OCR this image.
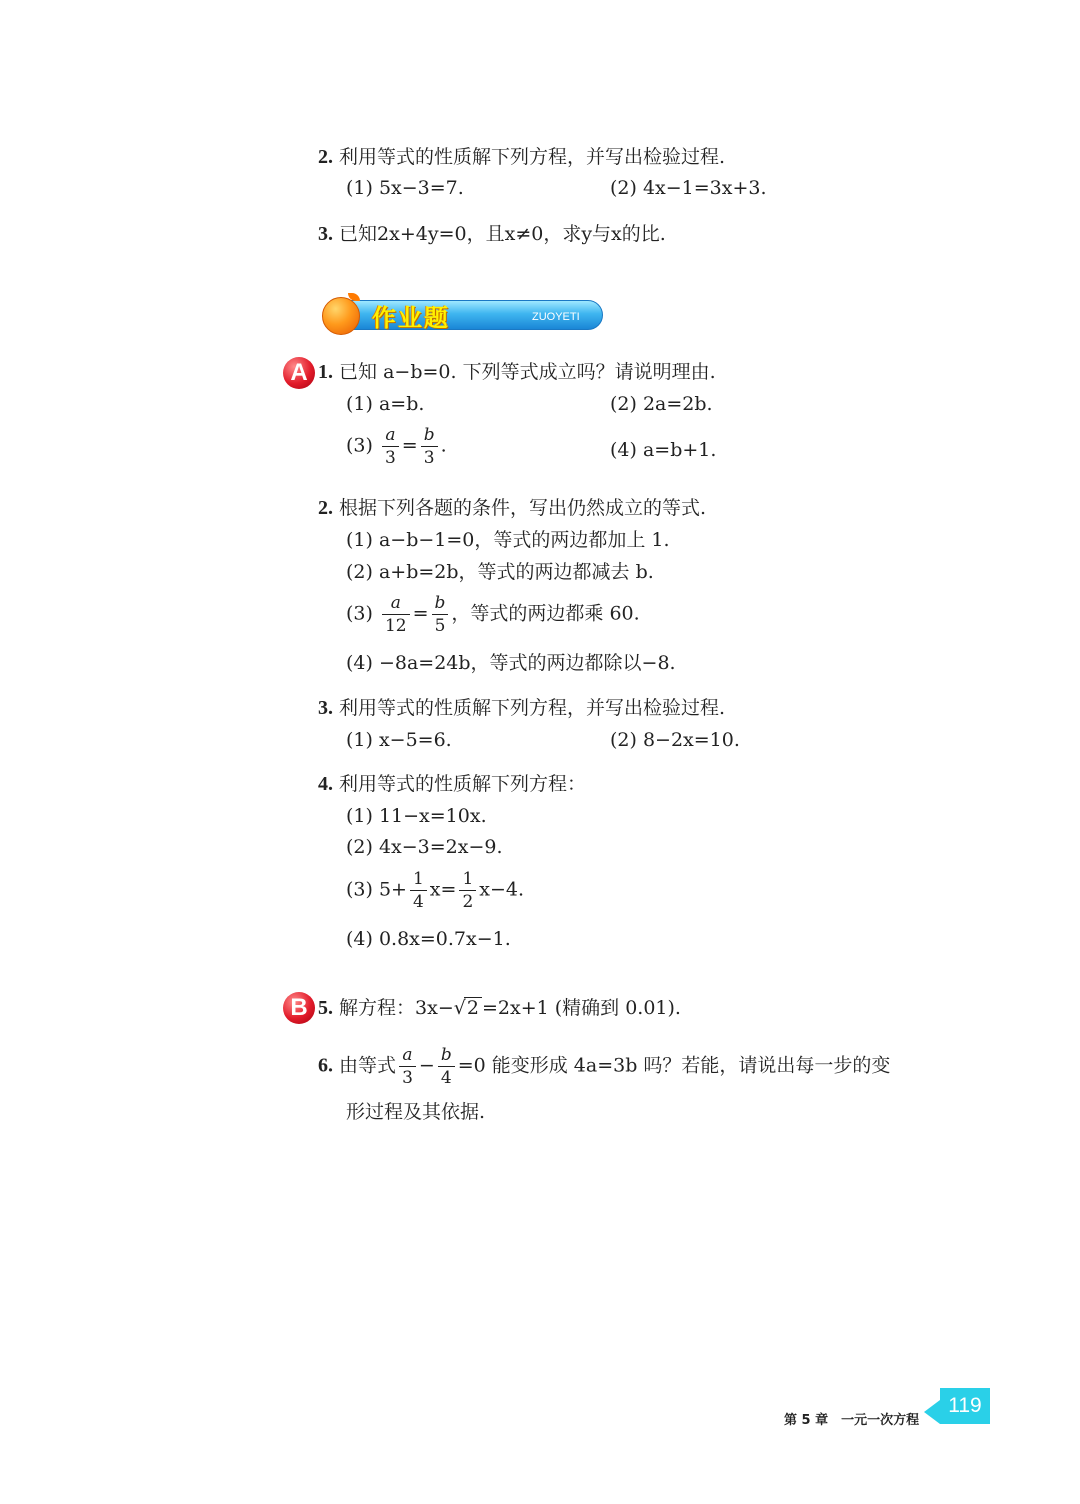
2. 利用等式的性质解下列方程，并写出检验过程.
(1) 5x−3=7.	(2) 4x−1=3x+3.
3. 已知2x+4y=0，且x≠0，求y与x的比.
作业题	ZUOYETI
A 1. 已知 a−b=0. 下列等式成立吗？请说明理由.
(1) a=b.	(2) 2a=2b.
$(3) \frac{a}{3} = \frac{b}{3}$ .	(4) a=b+1.
2. 根据下列各题的条件，写出仍然成立的等式.
(1) a−b−1=0，等式的两边都加上 1.
(2) a+b=2b，等式的两边都减去 b.
$(3) \frac{a}{12} = \frac{b}{5}$ ，等式的两边都乘 60.
(4) −8a=24b，等式的两边都除以−8.
3. 利用等式的性质解下列方程，并写出检验过程.
(1) x−5=6.	(2) 8−2x=10.
4. 利用等式的性质解下列方程：
(1) 11−x=10x.
(2) 4x−3=2x−9.
(3) $5+ \frac{1}{4} x= \frac{1}{2} x-4$.
(4) 0.8x=0.7x−1.
B 5. 解方程：3x−√2 =2x+1 (精确到 0.01).
6. 由等式 $\frac{a}{3} - \frac{b}{4} =0$ 能变形成 4a=3b 吗？若能，请说出每一步的变
形过程及其依据.
第 5 章　一元一次方程
119
